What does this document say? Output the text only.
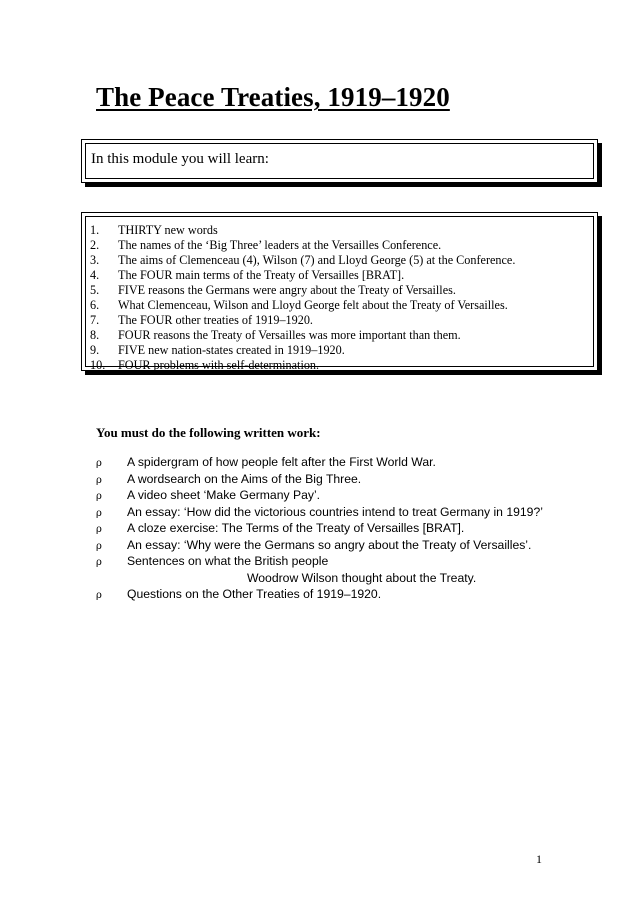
The Peace Treaties, 1919–1920
In this module you will learn:
1.	THIRTY new words
2.	The names of the ‘Big Three’ leaders at the Versailles Conference.
3.	The aims of Clemenceau (4), Wilson (7) and Lloyd George (5) at the Conference.
4.	The FOUR main terms of the Treaty of Versailles [BRAT].
5.	FIVE reasons the Germans were angry about the Treaty of Versailles.
6.	What Clemenceau, Wilson and Lloyd George felt about the Treaty of Versailles.
7.	The FOUR other treaties of 1919–1920.
8.	FOUR reasons the Treaty of Versailles was more important than them.
9.	FIVE new nation-states created in 1919–1920.
10.	FOUR problems with self-determination.
You must do the following written work:
ρ A spidergram of how people felt after the First World War.
ρ A wordsearch on the Aims of the Big Three.
ρ A video sheet ‘Make Germany Pay’.
ρ An essay: ‘How did the victorious countries intend to treat Germany in 1919?’
ρ A cloze exercise: The Terms of the Treaty of Versailles [BRAT].
ρ An essay: ‘Why were the Germans so angry about the Treaty of Versailles’.
ρ Sentences on what the British people
Woodrow Wilson thought about the Treaty.
ρ Questions on the Other Treaties of 1919–1920.
1
